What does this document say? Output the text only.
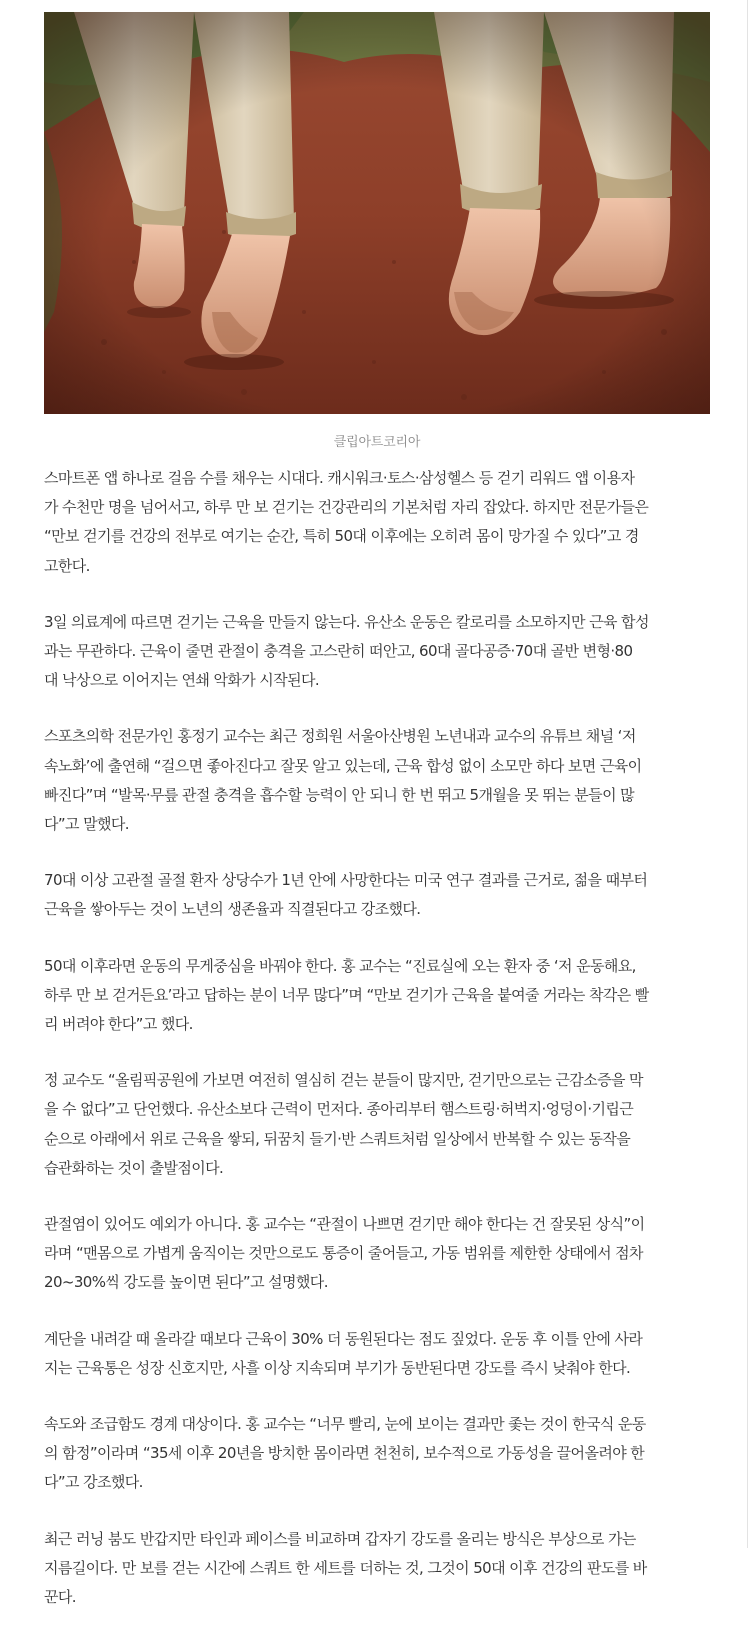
클립아트코리아

스마트폰 앱 하나로 걸음 수를 채우는 시대다. 캐시워크·토스·삼성헬스 등 걷기 리워드 앱 이용자
가 수천만 명을 넘어서고, 하루 만 보 걷기는 건강관리의 기본처럼 자리 잡았다. 하지만 전문가들은
“만보 걷기를 건강의 전부로 여기는 순간, 특히 50대 이후에는 오히려 몸이 망가질 수 있다”고 경
고한다.

3일 의료계에 따르면 걷기는 근육을 만들지 않는다. 유산소 운동은 칼로리를 소모하지만 근육 합성
과는 무관하다. 근육이 줄면 관절이 충격을 고스란히 떠안고, 60대 골다공증·70대 골반 변형·80
대 낙상으로 이어지는 연쇄 악화가 시작된다.

스포츠의학 전문가인 홍정기 교수는 최근 정희원 서울아산병원 노년내과 교수의 유튜브 채널 ‘저
속노화’에 출연해 “걸으면 좋아진다고 잘못 알고 있는데, 근육 합성 없이 소모만 하다 보면 근육이
빠진다”며 “발목·무릎 관절 충격을 흡수할 능력이 안 되니 한 번 뛰고 5개월을 못 뛰는 분들이 많
다”고 말했다.

70대 이상 고관절 골절 환자 상당수가 1년 안에 사망한다는 미국 연구 결과를 근거로, 젊을 때부터
근육을 쌓아두는 것이 노년의 생존율과 직결된다고 강조했다.

50대 이후라면 운동의 무게중심을 바꿔야 한다. 홍 교수는 “진료실에 오는 환자 중 ‘저 운동해요,
하루 만 보 걷거든요’라고 답하는 분이 너무 많다”며 “만보 걷기가 근육을 붙여줄 거라는 착각은 빨
리 버려야 한다”고 했다.

정 교수도 “올림픽공원에 가보면 여전히 열심히 걷는 분들이 많지만, 걷기만으로는 근감소증을 막
을 수 없다”고 단언했다. 유산소보다 근력이 먼저다. 종아리부터 햄스트링·허벅지·엉덩이·기립근
순으로 아래에서 위로 근육을 쌓되, 뒤꿈치 들기·반 스쿼트처럼 일상에서 반복할 수 있는 동작을
습관화하는 것이 출발점이다.

관절염이 있어도 예외가 아니다. 홍 교수는 “관절이 나쁘면 걷기만 해야 한다는 건 잘못된 상식”이
라며 “맨몸으로 가볍게 움직이는 것만으로도 통증이 줄어들고, 가동 범위를 제한한 상태에서 점차
20~30%씩 강도를 높이면 된다”고 설명했다.

계단을 내려갈 때 올라갈 때보다 근육이 30% 더 동원된다는 점도 짚었다. 운동 후 이틀 안에 사라
지는 근육통은 성장 신호지만, 사흘 이상 지속되며 부기가 동반된다면 강도를 즉시 낮춰야 한다.

속도와 조급함도 경계 대상이다. 홍 교수는 “너무 빨리, 눈에 보이는 결과만 좇는 것이 한국식 운동
의 함정”이라며 “35세 이후 20년을 방치한 몸이라면 천천히, 보수적으로 가동성을 끌어올려야 한
다”고 강조했다.

최근 러닝 붐도 반갑지만 타인과 페이스를 비교하며 갑자기 강도를 올리는 방식은 부상으로 가는
지름길이다. 만 보를 걷는 시간에 스쿼트 한 세트를 더하는 것, 그것이 50대 이후 건강의 판도를 바
꾼다.
